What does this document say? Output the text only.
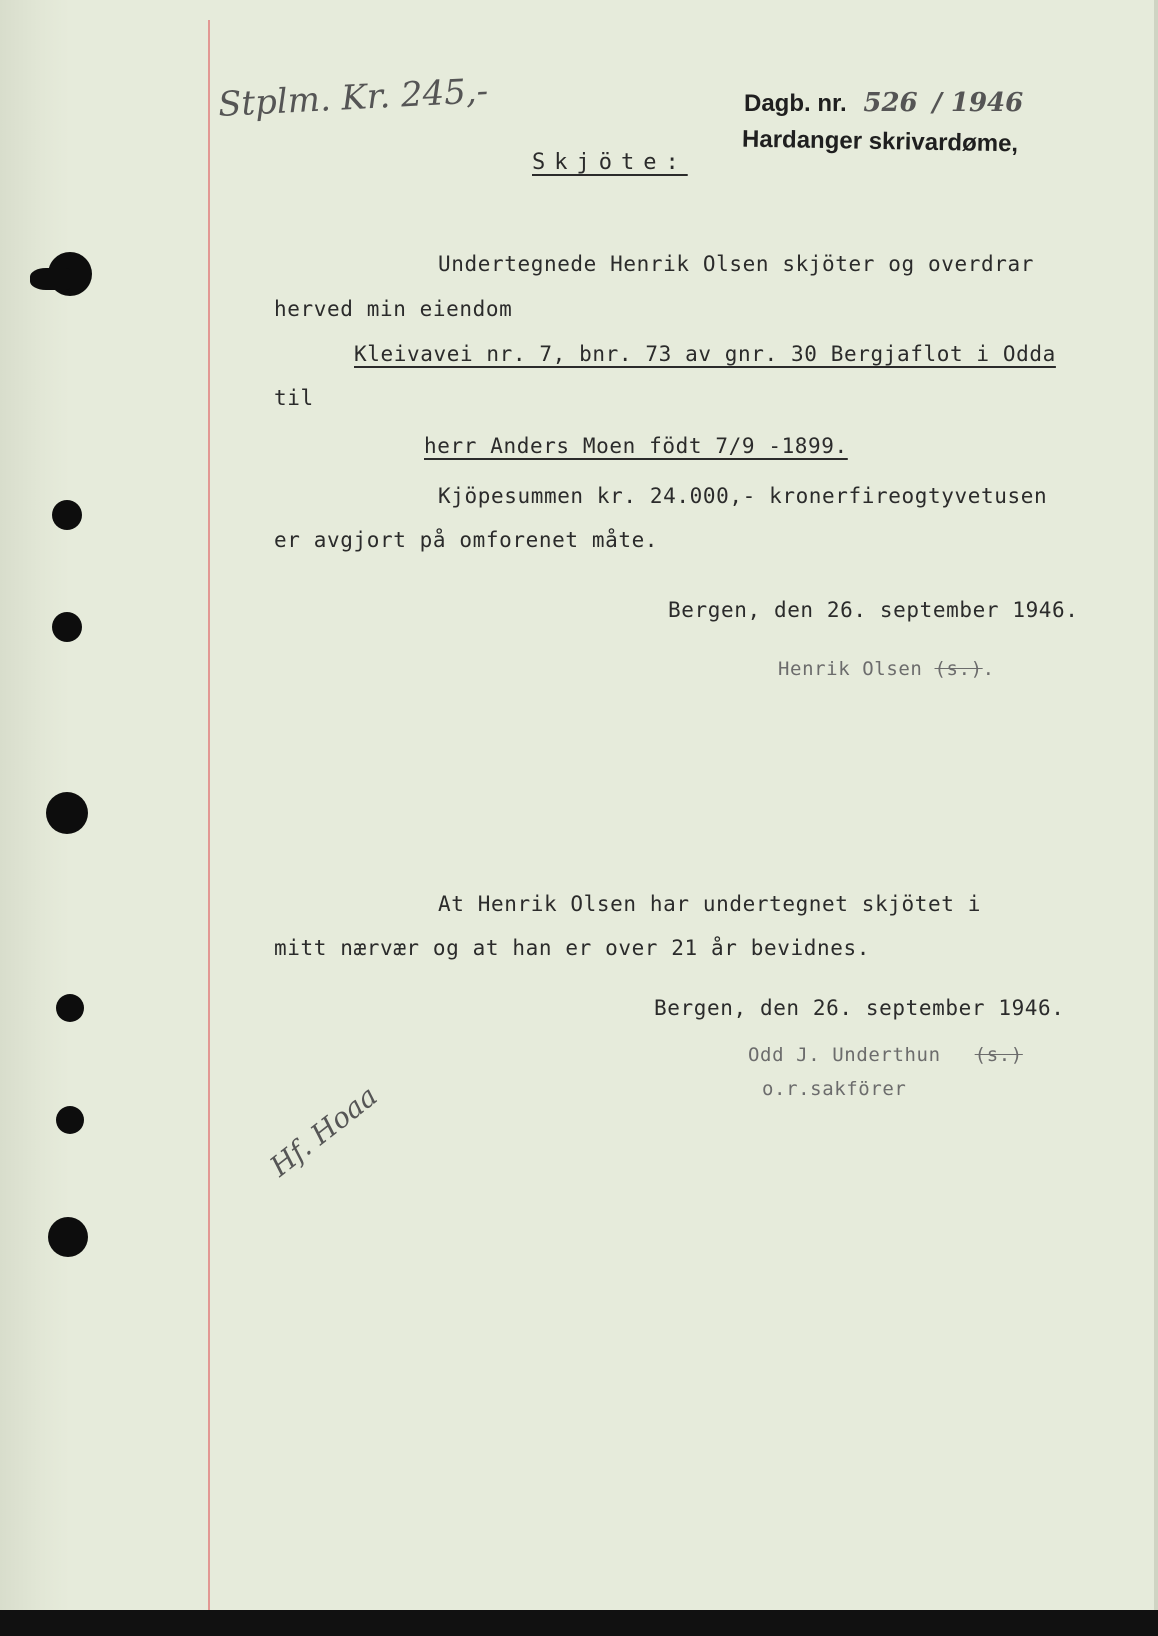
Stplm. Kr. 245,-	Dagb. nr. 526 / 1946
Hardanger skrivardøme,
Skjöte:
Undertegnede Henrik Olsen skjöter og overdrar
herved min eiendom
Kleivavei nr. 7, bnr. 73 av gnr. 30 Bergjaflot i Odda
til
herr Anders Moen födt 7/9 -1899.
Kjöpesummen kr. 24.000,- kronerfireogtyvetusen
er avgjort på omforenet måte.
Bergen, den 26. september 1946.
Henrik Olsen (s.).
At Henrik Olsen har undertegnet skjötet i
mitt nærvær og at han er over 21 år bevidnes.
Bergen, den 26. september 1946.
Odd J. Underthun (s.)
o.r.sakförer
Hf. Hoaa
